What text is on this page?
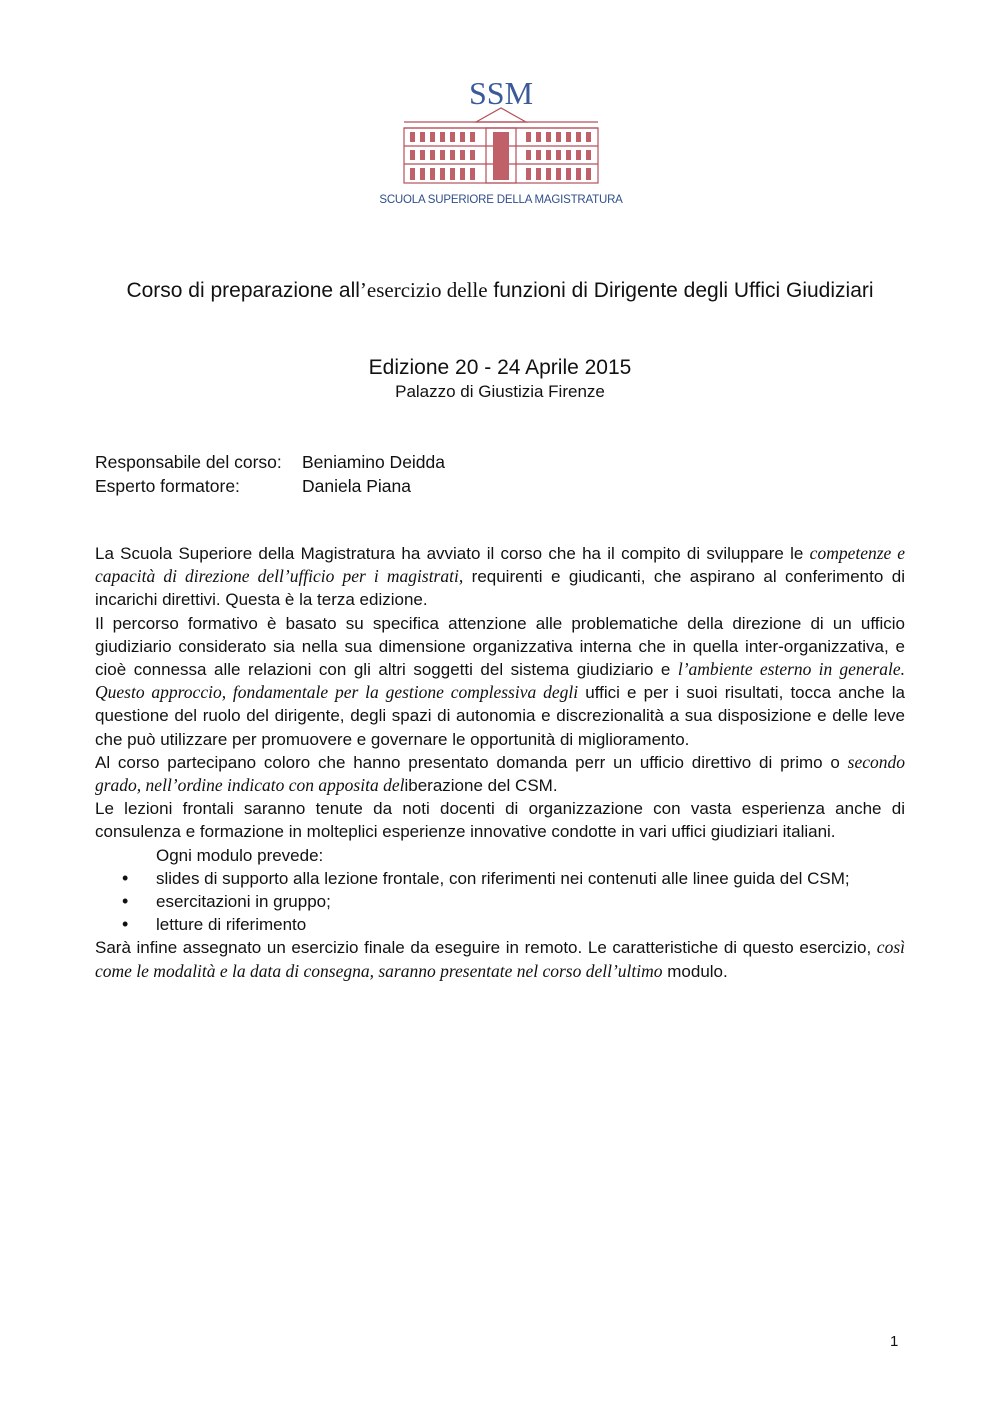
SSM
SCUOLA SUPERIORE DELLA MAGISTRATURA
Corso di preparazione all’esercizio delle funzioni di Dirigente degli Uffici Giudiziari
Edizione 20 - 24 Aprile 2015
Palazzo di Giustizia Firenze
Responsabile del corso:	Beniamino Deidda
Esperto formatore:	Daniela Piana

La Scuola Superiore della Magistratura ha avviato il corso che ha il compito di sviluppare le competenze e capacità di direzione dell’ufficio per i magistrati, requirenti e giudicanti, che aspirano al conferimento di incarichi direttivi. Questa è la terza edizione.

Il percorso formativo è basato su specifica attenzione alle problematiche della direzione di un ufficio giudiziario considerato sia nella sua dimensione organizzativa interna che in quella inter-organizzativa, e cioè connessa alle relazioni con gli altri soggetti del sistema giudiziario e l’ambiente esterno in generale. Questo approccio, fondamentale per la gestione complessiva degli uffici e per i suoi risultati, tocca anche la questione del ruolo del dirigente, degli spazi di autonomia e discrezionalità a sua disposizione e delle leve che può utilizzare per promuovere e governare le opportunità di miglioramento.

Al corso partecipano coloro che hanno presentato domanda perr un ufficio direttivo di primo o secondo grado, nell’ordine indicato con apposita deliberazione del CSM.

Le lezioni frontali saranno tenute da noti docenti di organizzazione con vasta esperienza anche di consulenza e formazione in molteplici esperienze innovative condotte in vari uffici giudiziari italiani.

Ogni modulo prevede:

• slides di supporto alla lezione frontale, con riferimenti nei contenuti alle linee guida del CSM;
• esercitazioni in gruppo;
• letture di riferimento

Sarà infine assegnato un esercizio finale da eseguire in remoto. Le caratteristiche di questo esercizio, così come le modalità e la data di consegna, saranno presentate nel corso dell’ultimo modulo.

1
